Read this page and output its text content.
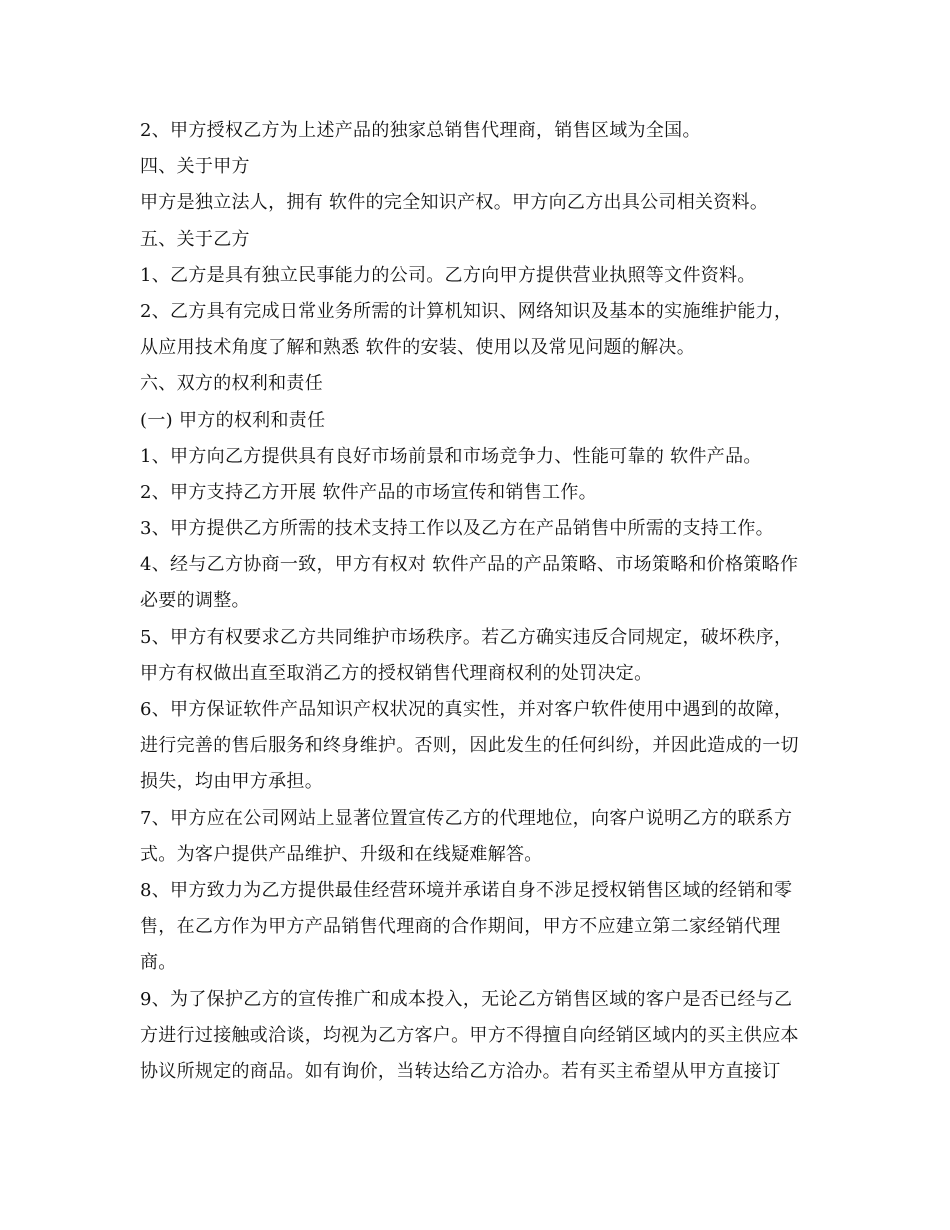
2、甲方授权乙方为上述产品的独家总销售代理商，销售区域为全国。
四、关于甲方
甲方是独立法人，拥有 软件的完全知识产权。甲方向乙方出具公司相关资料。
五、关于乙方
1、乙方是具有独立民事能力的公司。乙方向甲方提供营业执照等文件资料。
2、乙方具有完成日常业务所需的计算机知识、网络知识及基本的实施维护能力，
从应用技术角度了解和熟悉 软件的安装、使用以及常见问题的解决。
六、双方的权利和责任
(一) 甲方的权利和责任
1、甲方向乙方提供具有良好市场前景和市场竞争力、性能可靠的 软件产品。
2、甲方支持乙方开展 软件产品的市场宣传和销售工作。
3、甲方提供乙方所需的技术支持工作以及乙方在产品销售中所需的支持工作。
4、经与乙方协商一致，甲方有权对 软件产品的产品策略、市场策略和价格策略作
必要的调整。
5、甲方有权要求乙方共同维护市场秩序。若乙方确实违反合同规定，破坏秩序，
甲方有权做出直至取消乙方的授权销售代理商权利的处罚决定。
6、甲方保证软件产品知识产权状况的真实性，并对客户软件使用中遇到的故障，
进行完善的售后服务和终身维护。否则，因此发生的任何纠纷，并因此造成的一切
损失，均由甲方承担。
7、甲方应在公司网站上显著位置宣传乙方的代理地位，向客户说明乙方的联系方
式。为客户提供产品维护、升级和在线疑难解答。
8、甲方致力为乙方提供最佳经营环境并承诺自身不涉足授权销售区域的经销和零
售，在乙方作为甲方产品销售代理商的合作期间，甲方不应建立第二家经销代理
商。
9、为了保护乙方的宣传推广和成本投入，无论乙方销售区域的客户是否已经与乙
方进行过接触或洽谈，均视为乙方客户。甲方不得擅自向经销区域内的买主供应本
协议所规定的商品。如有询价，当转达给乙方洽办。若有买主希望从甲方直接订
